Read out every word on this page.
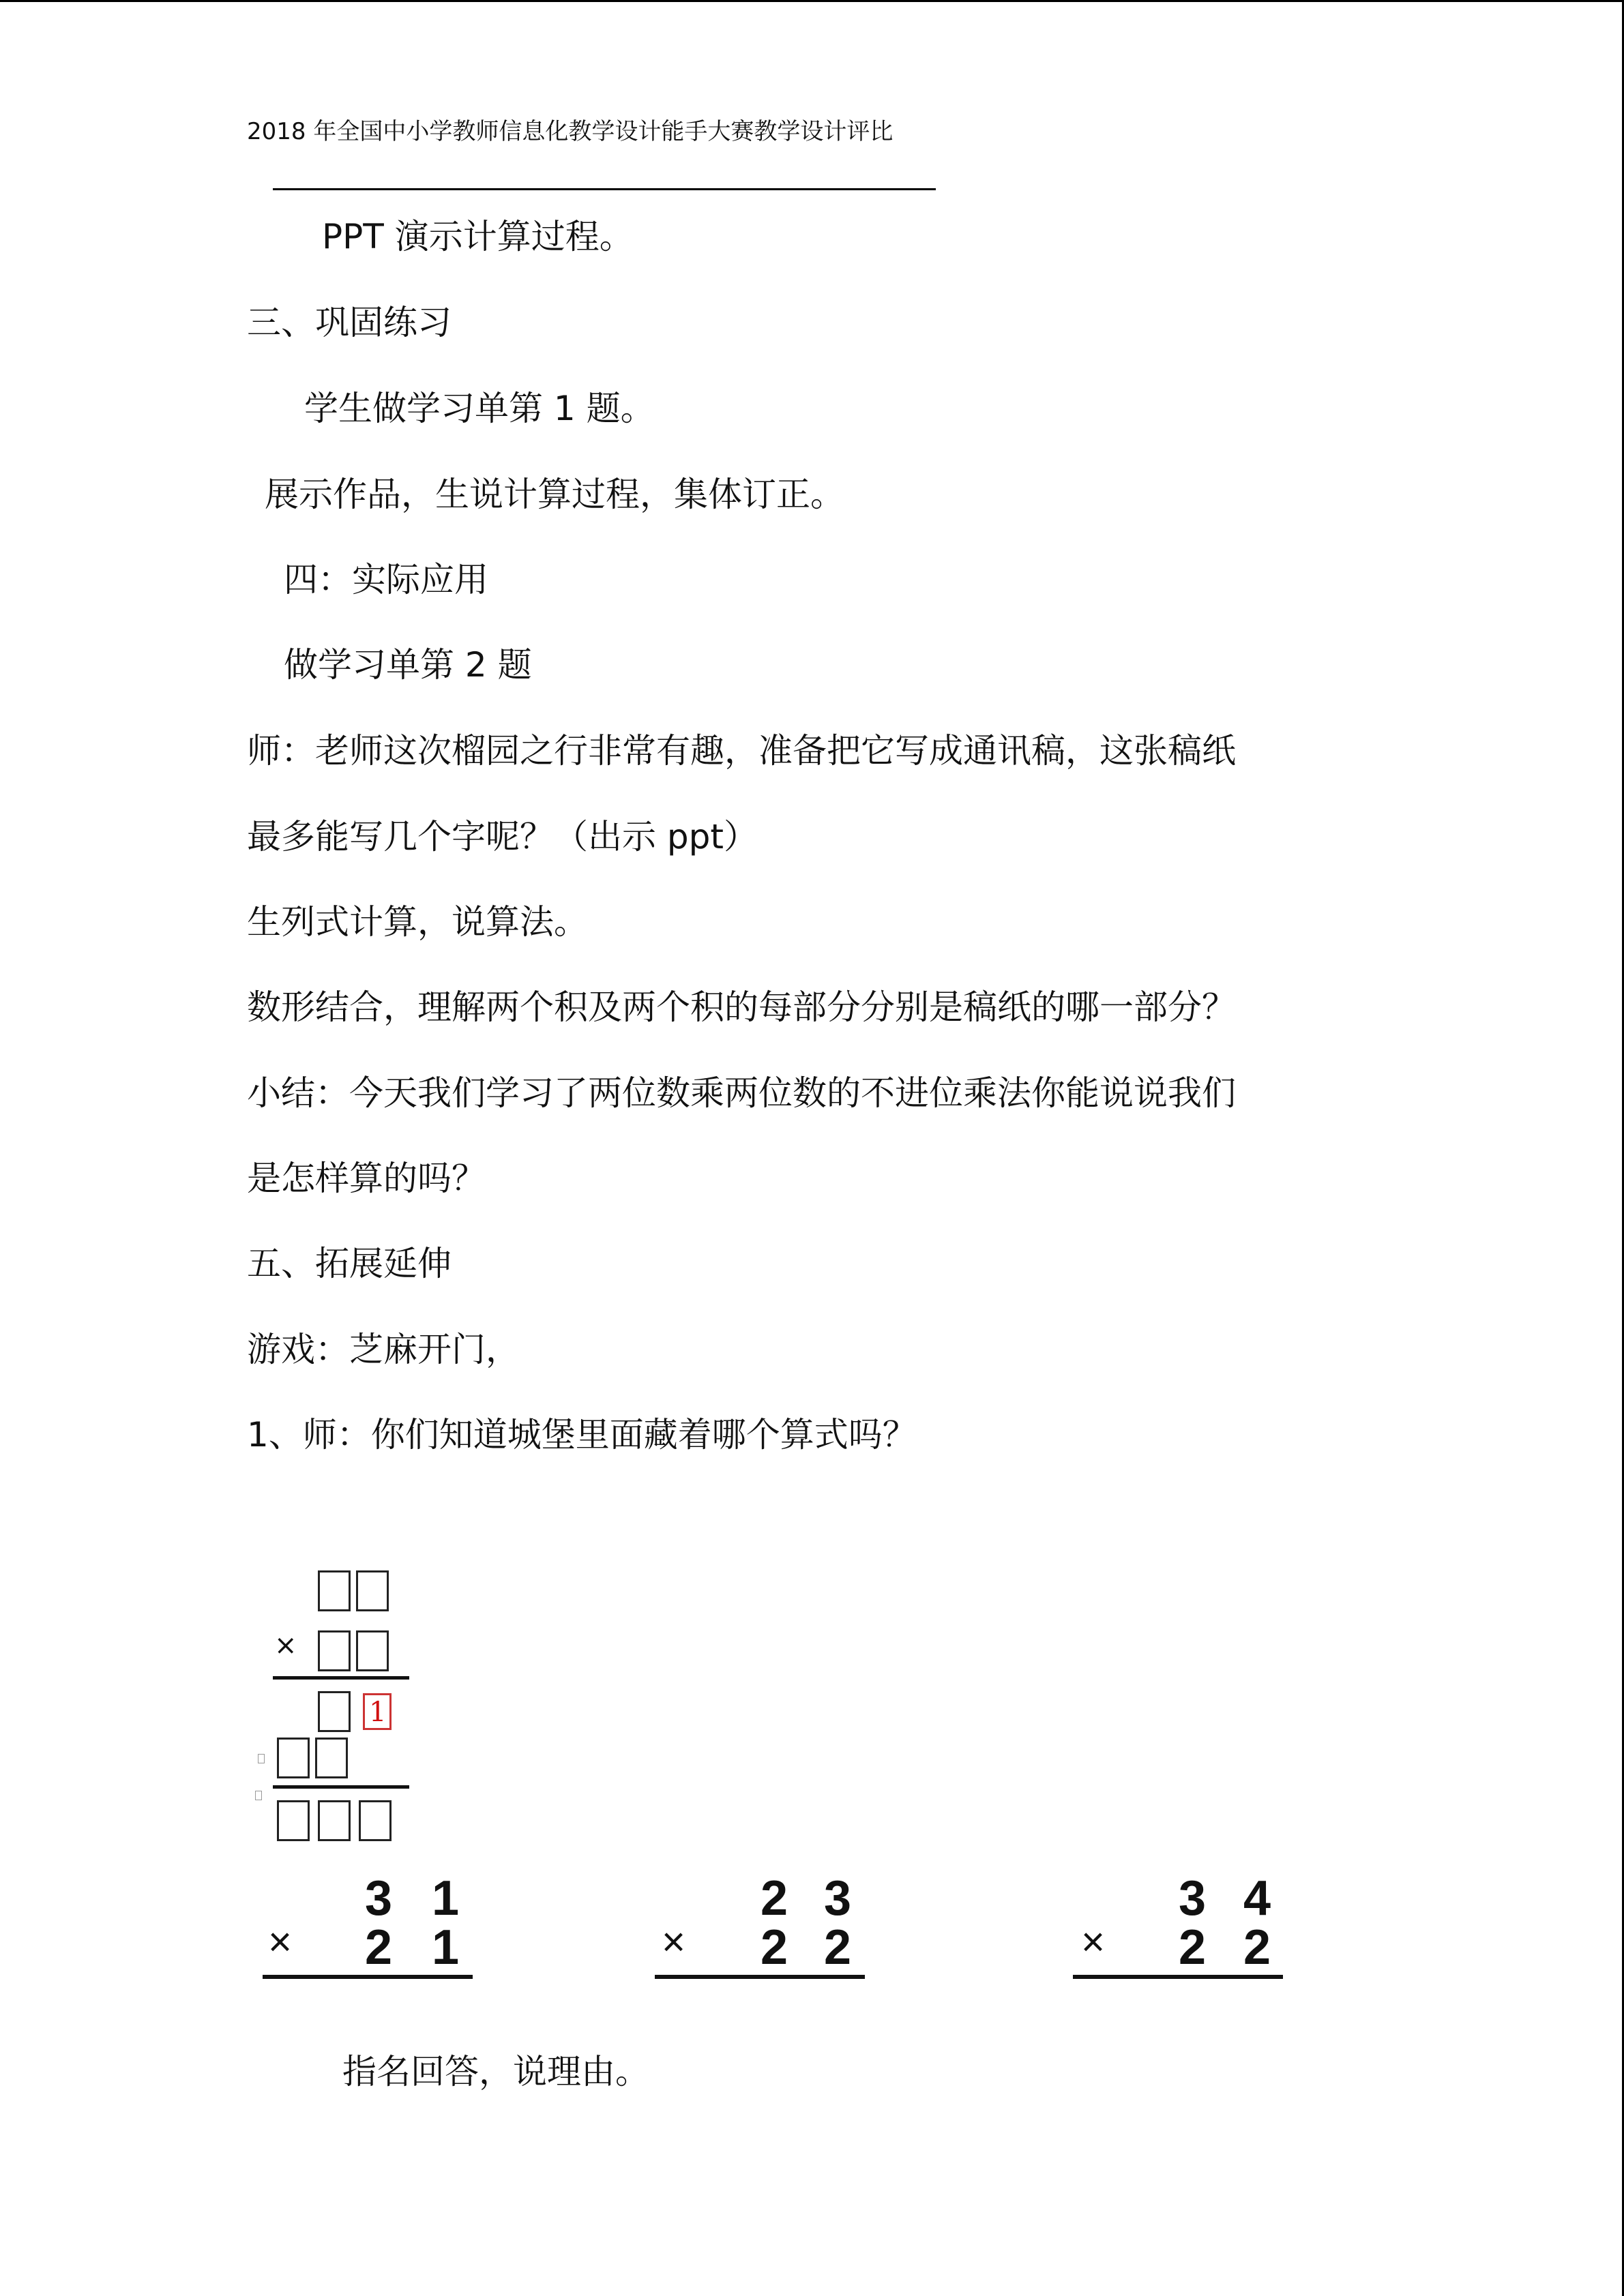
2018 年全国中小学教师信息化教学设计能手大赛教学设计评比
PPT 演示计算过程。
三、巩固练习
学生做学习单第 1 题。
展示作品，生说计算过程，集体订正。
四：实际应用
做学习单第 2 题
师：老师这次榴园之行非常有趣，准备把它写成通讯稿，这张稿纸
最多能写几个字呢？（出示 ppt）
生列式计算，说算法。
数形结合，理解两个积及两个积的每部分分别是稿纸的哪一部分？
小结：今天我们学习了两位数乘两位数的不进位乘法你能说说我们
是怎样算的吗？
五、拓展延伸
游戏：芝麻开门，
1、师：你们知道城堡里面藏着哪个算式吗？
×
1
3 1
× 2 1
2 3
× 2 2
3 4
× 2 2
指名回答，说理由。
